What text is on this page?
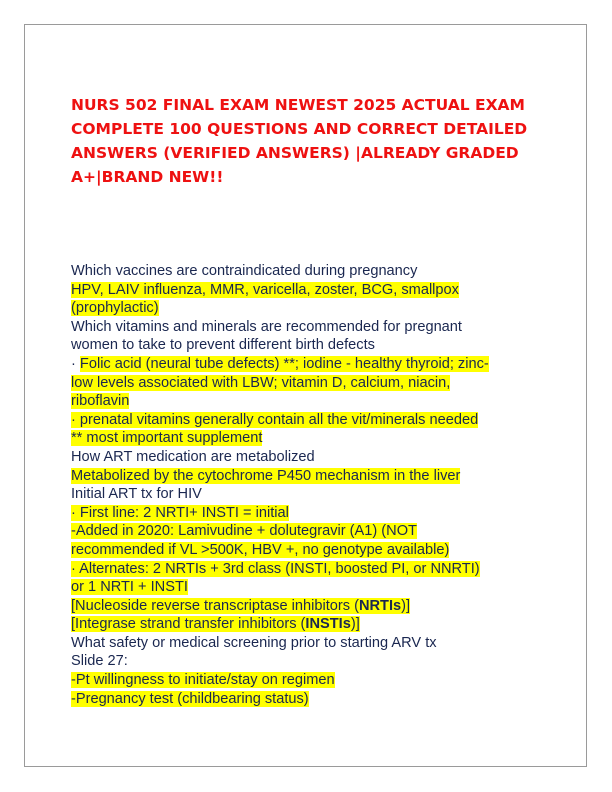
NURS 502 FINAL EXAM NEWEST 2025 ACTUAL EXAM COMPLETE 100 QUESTIONS AND CORRECT DETAILED ANSWERS (VERIFIED ANSWERS) |ALREADY GRADED A+|BRAND NEW!!
Which vaccines are contraindicated during pregnancy
HPV, LAIV influenza, MMR, varicella, zoster, BCG, smallpox
(prophylactic)
Which vitamins and minerals are recommended for pregnant
women to take to prevent different birth defects
· Folic acid (neural tube defects) **; iodine - healthy thyroid; zinc-
low levels associated with LBW; vitamin D, calcium, niacin,
riboflavin
· prenatal vitamins generally contain all the vit/minerals needed
** most important supplement
How ART medication are metabolized
Metabolized by the cytochrome P450 mechanism in the liver
Initial ART tx for HIV
· First line: 2 NRTI+ INSTI = initial
-Added in 2020: Lamivudine + dolutegravir (A1) (NOT
recommended if VL >500K, HBV +, no genotype available)
· Alternates: 2 NRTIs + 3rd class (INSTI, boosted PI, or NNRTI)
or 1 NRTI + INSTI
[Nucleoside reverse transcriptase inhibitors (NRTIs)]
[Integrase strand transfer inhibitors (INSTIs)]
What safety or medical screening prior to starting ARV tx
Slide 27:
-Pt willingness to initiate/stay on regimen
-Pregnancy test (childbearing status)
